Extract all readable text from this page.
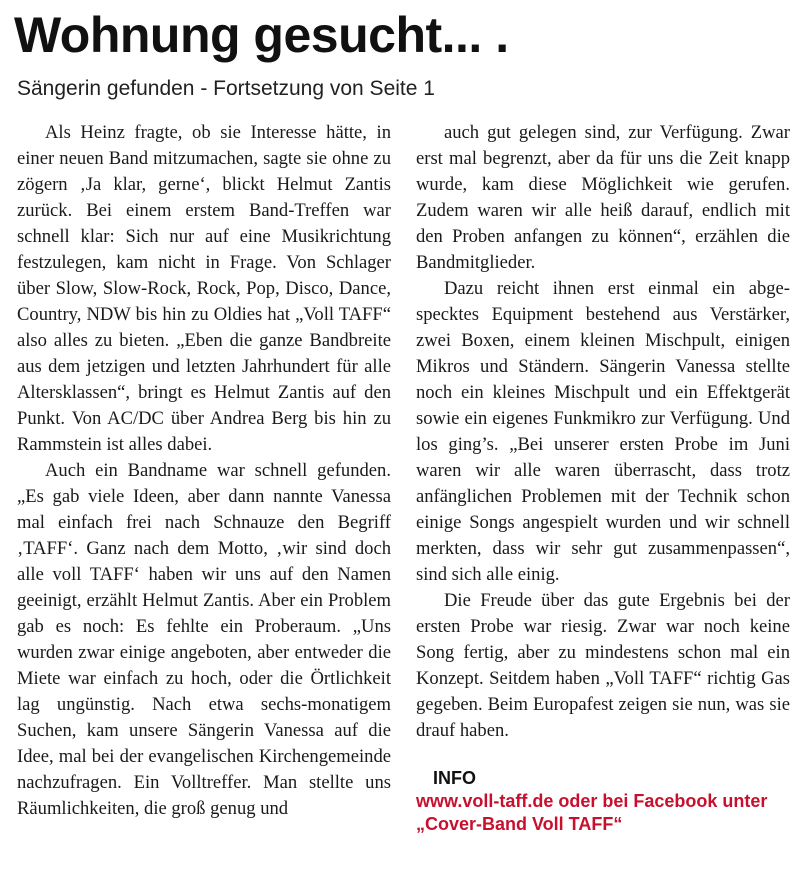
Wohnung gesucht... .
Sängerin gefunden - Fortsetzung von Seite 1

Als Heinz fragte, ob sie Interesse hätte, in einer neuen Band mitzumachen, sagte sie ohne zu zögern ‚Ja klar, gerne‘, blickt Helmut Zantis zurück. Bei einem erstem Band-Treffen war schnell klar: Sich nur auf eine Musikrichtung festzulegen, kam nicht in Frage. Von Schlager über Slow, Slow-Rock, Rock, Pop, Disco, Dance, Country, NDW bis hin zu Oldies hat „Voll TAFF“ also alles zu bieten. „Eben die ganze Bandbreite aus dem jetzigen und letzten Jahrhundert für alle Altersklassen“, bringt es Helmut Zantis auf den Punkt. Von AC/DC über Andrea Berg bis hin zu Rammstein ist alles dabei.

Auch ein Bandname war schnell gefunden. „Es gab viele Ideen, aber dann nannte Vanessa mal einfach frei nach Schnauze den Begriff ‚TAFF‘. Ganz nach dem Motto, ‚wir sind doch alle voll TAFF‘ haben wir uns auf den Namen geeinigt, erzählt Helmut Zantis. Aber ein Problem gab es noch: Es fehlte ein Proberaum. „Uns wurden zwar einige angeboten, aber entweder die Miete war einfach zu hoch, oder die Örtlichkeit lag ungünstig. Nach etwa sechs-monatigem Suchen, kam unsere Sängerin Vanessa auf die Idee, mal bei der evangelischen Kirchengemeinde nachzufragen. Ein Volltreffer. Man stellte uns Räumlichkeiten, die groß genug und

auch gut gelegen sind, zur Verfügung. Zwar erst mal begrenzt, aber da für uns die Zeit knapp wurde, kam diese Möglichkeit wie gerufen. Zudem waren wir alle heiß darauf, endlich mit den Proben anfangen zu können“, erzählen die Bandmitglieder.

Dazu reicht ihnen erst einmal ein abgespecktes Equipment bestehend aus Verstärker, zwei Boxen, einem kleinen Mischpult, einigen Mikros und Ständern. Sängerin Vanessa stellte noch ein kleines Mischpult und ein Effektgerät sowie ein eigenes Funkmikro zur Verfügung. Und los ging’s. „Bei unserer ersten Probe im Juni waren wir alle waren überrascht, dass trotz anfänglichen Problemen mit der Technik schon einige Songs angespielt wurden und wir schnell merkten, dass wir sehr gut zusammenpassen“, sind sich alle einig.

Die Freude über das gute Ergebnis bei der ersten Probe war riesig. Zwar war noch keine Song fertig, aber zu mindestens schon mal ein Konzept. Seitdem haben „Voll TAFF“ richtig Gas gegeben. Beim Europafest zeigen sie nun, was sie drauf haben.

INFO
www.voll-taff.de oder bei Facebook unter „Cover-Band Voll TAFF“
